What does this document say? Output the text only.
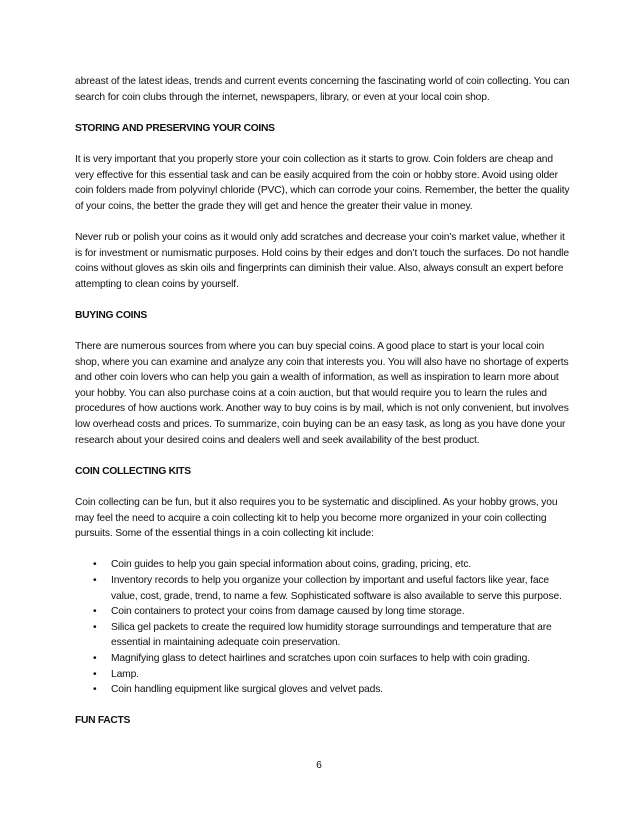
abreast of the latest ideas, trends and current events concerning the fascinating world of coin collecting. You can search for coin clubs through the internet, newspapers, library, or even at your local coin shop.

STORING AND PRESERVING YOUR COINS

It is very important that you properly store your coin collection as it starts to grow. Coin folders are cheap and very effective for this essential task and can be easily acquired from the coin or hobby store. Avoid using older coin folders made from polyvinyl chloride (PVC), which can corrode your coins. Remember, the better the quality of your coins, the better the grade they will get and hence the greater their value in money.

Never rub or polish your coins as it would only add scratches and decrease your coin’s market value, whether it is for investment or numismatic purposes. Hold coins by their edges and don’t touch the surfaces. Do not handle coins without gloves as skin oils and fingerprints can diminish their value. Also, always consult an expert before attempting to clean coins by yourself.

BUYING COINS

There are numerous sources from where you can buy special coins. A good place to start is your local coin shop, where you can examine and analyze any coin that interests you. You will also have no shortage of experts and other coin lovers who can help you gain a wealth of information, as well as inspiration to learn more about your hobby. You can also purchase coins at a coin auction, but that would require you to learn the rules and procedures of how auctions work. Another way to buy coins is by mail, which is not only convenient, but involves low overhead costs and prices. To summarize, coin buying can be an easy task, as long as you have done your research about your desired coins and dealers well and seek availability of the best product.

COIN COLLECTING KITS

Coin collecting can be fun, but it also requires you to be systematic and disciplined. As your hobby grows, you may feel the need to acquire a coin collecting kit to help you become more organized in your coin collecting pursuits. Some of the essential things in a coin collecting kit include:

• Coin guides to help you gain special information about coins, grading, pricing, etc.
• Inventory records to help you organize your collection by important and useful factors like year, face value, cost, grade, trend, to name a few. Sophisticated software is also available to serve this purpose.
• Coin containers to protect your coins from damage caused by long time storage.
• Silica gel packets to create the required low humidity storage surroundings and temperature that are essential in maintaining adequate coin preservation.
• Magnifying glass to detect hairlines and scratches upon coin surfaces to help with coin grading.
• Lamp.
• Coin handling equipment like surgical gloves and velvet pads.
FUN FACTS
6
